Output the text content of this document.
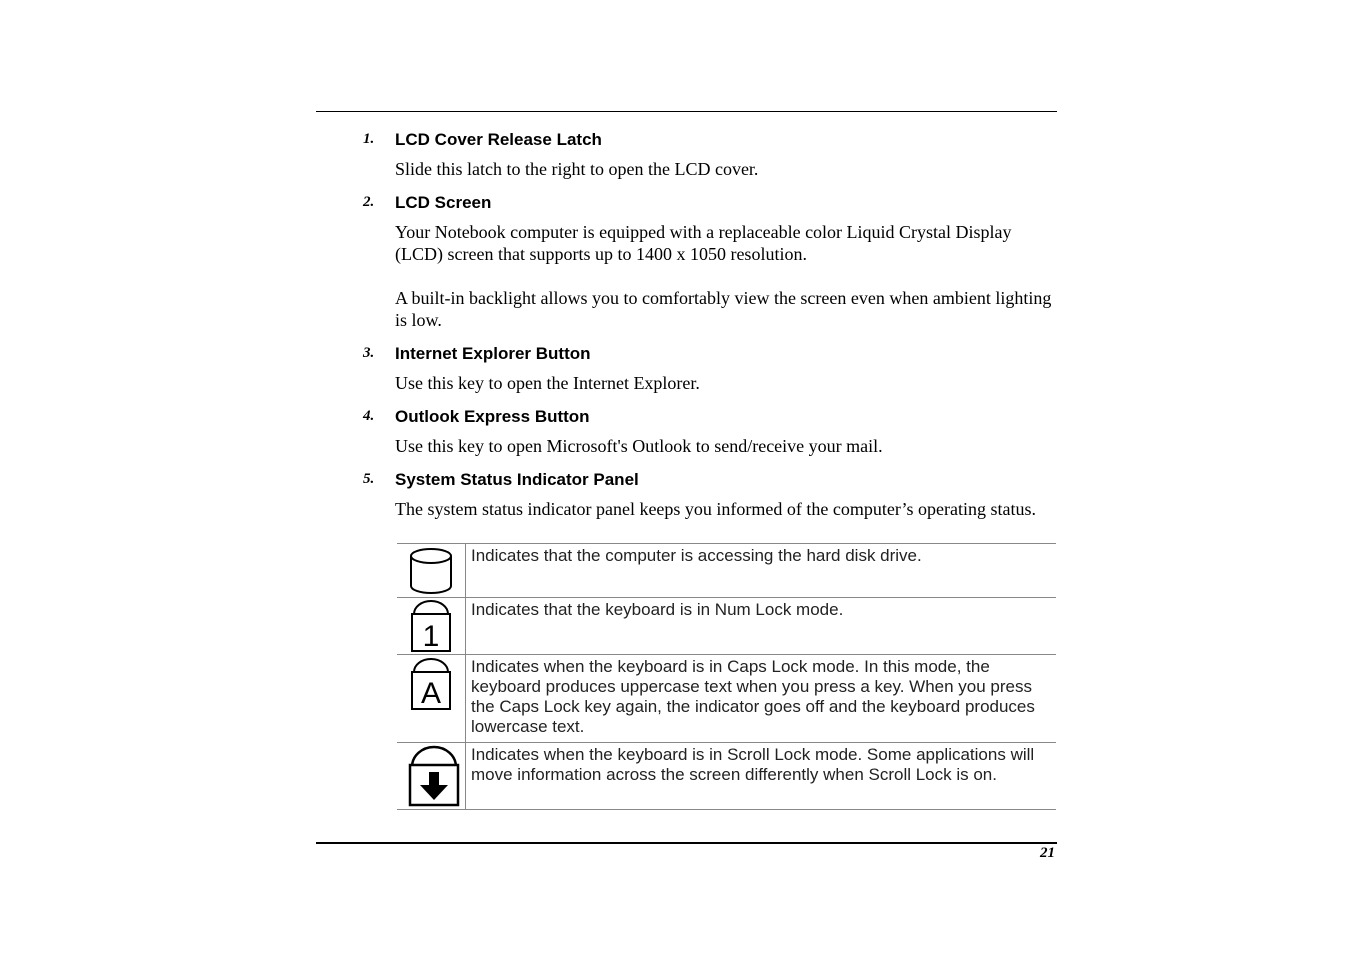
1. LCD Cover Release Latch
Slide this latch to the right to open the LCD cover.
2. LCD Screen
Your Notebook computer is equipped with a replaceable color Liquid Crystal Display (LCD) screen that supports up to 1400 x 1050 resolution.
A built-in backlight allows you to comfortably view the screen even when ambient lighting is low.
3. Internet Explorer Button
Use this key to open the Internet Explorer.
4. Outlook Express Button
Use this key to open Microsoft's Outlook to send/receive your mail.
5. System Status Indicator Panel
The system status indicator panel keeps you informed of the computer’s operating status.
	Indicates that the computer is accessing the hard disk drive.

1	Indicates that the keyboard is in Num Lock mode.

A	Indicates when the keyboard is in Caps Lock mode. In this mode, the keyboard produces uppercase text when you press a key. When you press the Caps Lock key again, the indicator goes off and the keyboard produces lowercase text.

	Indicates when the keyboard is in Scroll Lock mode. Some applications will move information across the screen differently when Scroll Lock is on.
21
